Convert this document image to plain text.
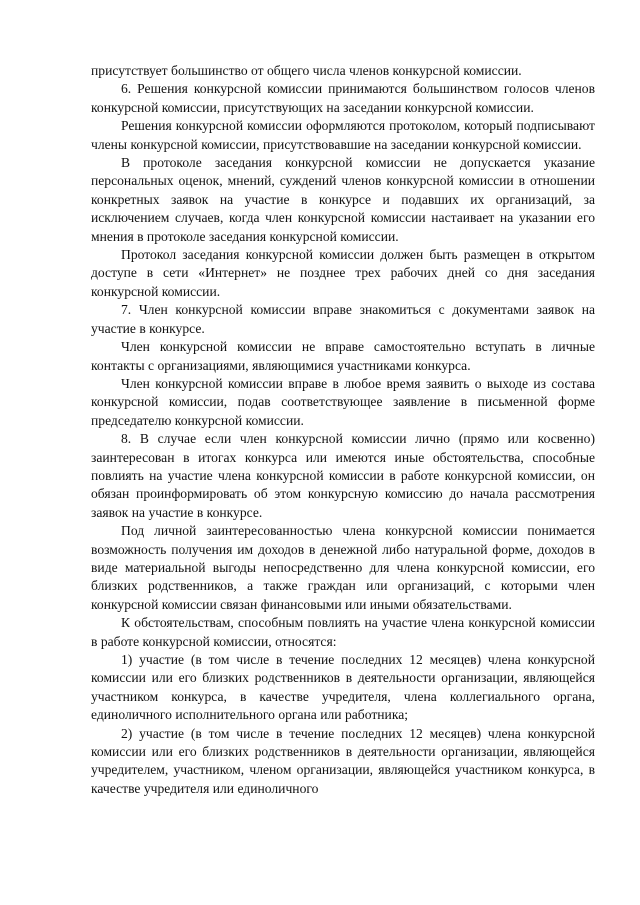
присутствует большинство от общего числа членов конкурсной комиссии.

6. Решения конкурсной комиссии принимаются большинством голосов членов конкурсной комиссии, присутствующих на заседании конкурсной комиссии.

Решения конкурсной комиссии оформляются протоколом, который подписывают члены конкурсной комиссии, присутствовавшие на заседании конкурсной комиссии.

В протоколе заседания конкурсной комиссии не допускается указание персональных оценок, мнений, суждений членов конкурсной комиссии в отношении конкретных заявок на участие в конкурсе и подавших их организаций, за исключением случаев, когда член конкурсной комиссии настаивает на указании его мнения в протоколе заседания конкурсной комиссии.

Протокол заседания конкурсной комиссии должен быть размещен в открытом доступе в сети «Интернет» не позднее трех рабочих дней со дня заседания конкурсной комиссии.

7. Член конкурсной комиссии вправе знакомиться с документами заявок на участие в конкурсе.

Член конкурсной комиссии не вправе самостоятельно вступать в личные контакты с организациями, являющимися участниками конкурса.

Член конкурсной комиссии вправе в любое время заявить о выходе из состава конкурсной комиссии, подав соответствующее заявление в письменной форме председателю конкурсной комиссии.

8. В случае если член конкурсной комиссии лично (прямо или косвенно) заинтересован в итогах конкурса или имеются иные обстоятельства, способные повлиять на участие члена конкурсной комиссии в работе конкурсной комиссии, он обязан проинформировать об этом конкурсную комиссию до начала рассмотрения заявок на участие в конкурсе.

Под личной заинтересованностью члена конкурсной комиссии понимается возможность получения им доходов в денежной либо натуральной форме, доходов в виде материальной выгоды непосредственно для члена конкурсной комиссии, его близких родственников, а также граждан или организаций, с которыми член конкурсной комиссии связан финансовыми или иными обязательствами.

К обстоятельствам, способным повлиять на участие члена конкурсной комиссии в работе конкурсной комиссии, относятся:

1) участие (в том числе в течение последних 12 месяцев) члена конкурсной комиссии или его близких родственников в деятельности организации, являющейся участником конкурса, в качестве учредителя, члена коллегиального органа, единоличного исполнительного органа или работника;

2) участие (в том числе в течение последних 12 месяцев) члена конкурсной комиссии или его близких родственников в деятельности организации, являющейся учредителем, участником, членом организации, являющейся участником конкурса, в качестве учредителя или единоличного
